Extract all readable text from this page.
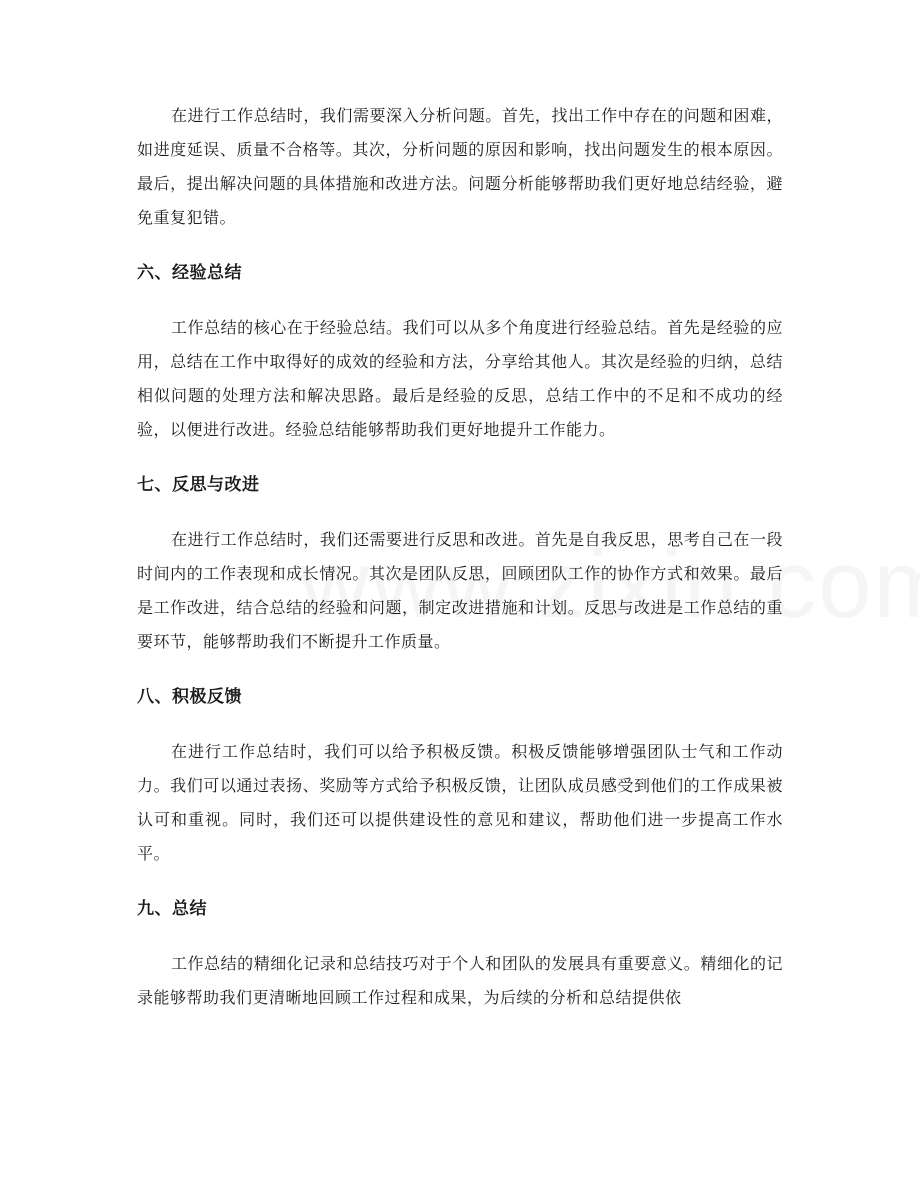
在进行工作总结时，我们需要深入分析问题。首先，找出工作中存在的问题和困难，如进度延误、质量不合格等。其次，分析问题的原因和影响，找出问题发生的根本原因。最后，提出解决问题的具体措施和改进方法。问题分析能够帮助我们更好地总结经验，避免重复犯错。

六、经验总结

工作总结的核心在于经验总结。我们可以从多个角度进行经验总结。首先是经验的应用，总结在工作中取得好的成效的经验和方法，分享给其他人。其次是经验的归纳，总结相似问题的处理方法和解决思路。最后是经验的反思，总结工作中的不足和不成功的经验，以便进行改进。经验总结能够帮助我们更好地提升工作能力。

七、反思与改进

在进行工作总结时，我们还需要进行反思和改进。首先是自我反思，思考自己在一段时间内的工作表现和成长情况。其次是团队反思，回顾团队工作的协作方式和效果。最后是工作改进，结合总结的经验和问题，制定改进措施和计划。反思与改进是工作总结的重要环节，能够帮助我们不断提升工作质量。

八、积极反馈

在进行工作总结时，我们可以给予积极反馈。积极反馈能够增强团队士气和工作动力。我们可以通过表扬、奖励等方式给予积极反馈，让团队成员感受到他们的工作成果被认可和重视。同时，我们还可以提供建设性的意见和建议，帮助他们进一步提高工作水平。

九、总结

工作总结的精细化记录和总结技巧对于个人和团队的发展具有重要意义。精细化的记录能够帮助我们更清晰地回顾工作过程和成果，为后续的分析和总结提供依
